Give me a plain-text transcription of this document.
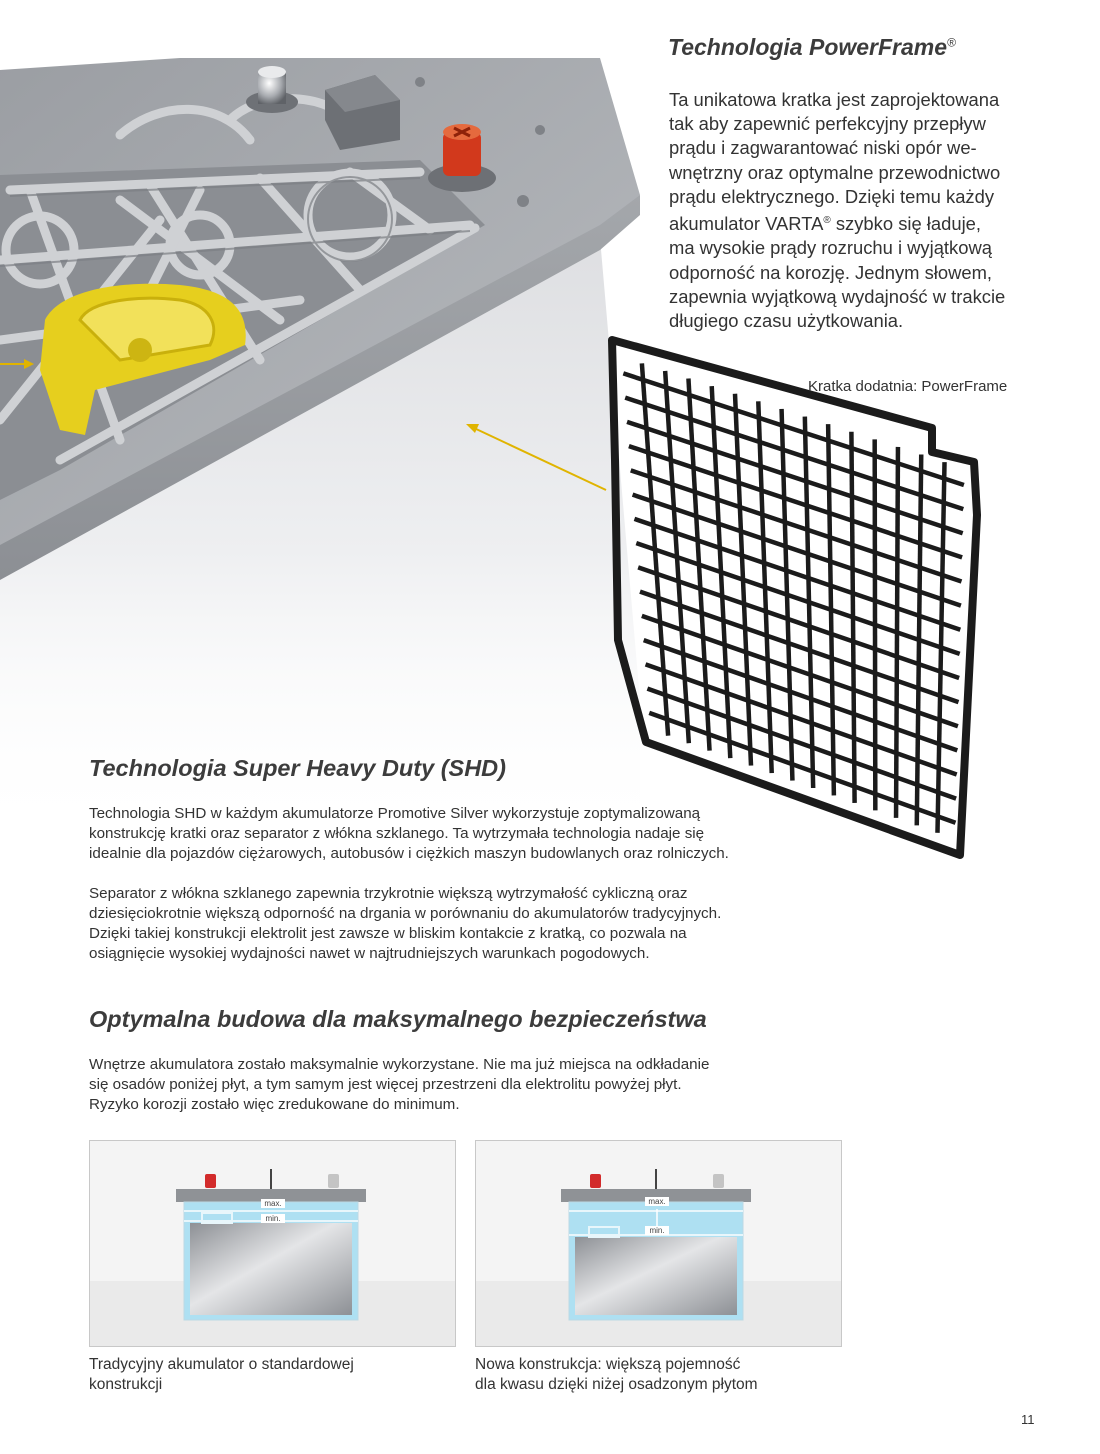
Technologia PowerFrame®

Ta unikatowa kratka jest zaprojektowana
tak aby zapewnić perfekcyjny przepływ
prądu i zagwarantować niski opór we-
wnętrzny oraz optymalne przewodnictwo
prądu elektrycznego. Dzięki temu każdy
akumulator VARTA® szybko się ładuje,
ma wysokie prądy rozruchu i wyjątkową
odporność na korozję. Jednym słowem,
zapewnia wyjątkową wydajność w trakcie
długiego czasu użytkowania.

Kratka dodatnia: PowerFrame
Technologia Super Heavy Duty (SHD)

Technologia SHD w każdym akumulatorze Promotive Silver wykorzystuje zoptymalizowaną
konstrukcję kratki oraz separator z włókna szklanego. Ta wytrzymała technologia nadaje się
idealnie dla pojazdów ciężarowych, autobusów i ciężkich maszyn budowlanych oraz rolniczych.

Separator z włókna szklanego zapewnia trzykrotnie większą wytrzymałość cykliczną oraz
dziesięciokrotnie większą odporność na drgania w porównaniu do akumulatorów tradycyjnych.
Dzięki takiej konstrukcji elektrolit jest zawsze w bliskim kontakcie z kratką, co pozwala na
osiągnięcie wysokiej wydajności nawet w najtrudniejszych warunkach pogodowych.

Optymalna budowa dla maksymalnego bezpieczeństwa

Wnętrze akumulatora zostało maksymalnie wykorzystane. Nie ma już miejsca na odkładanie
się osadów poniżej płyt, a tym samym jest więcej przestrzeni dla elektrolitu powyżej płyt.
Ryzyko korozji zostało więc zredukowane do minimum.

max.
min.
max.
min.
Tradycyjny akumulator o standardowej
konstrukcji
Nowa konstrukcja: większą pojemność
dla kwasu dzięki niżej osadzonym płytom
11
